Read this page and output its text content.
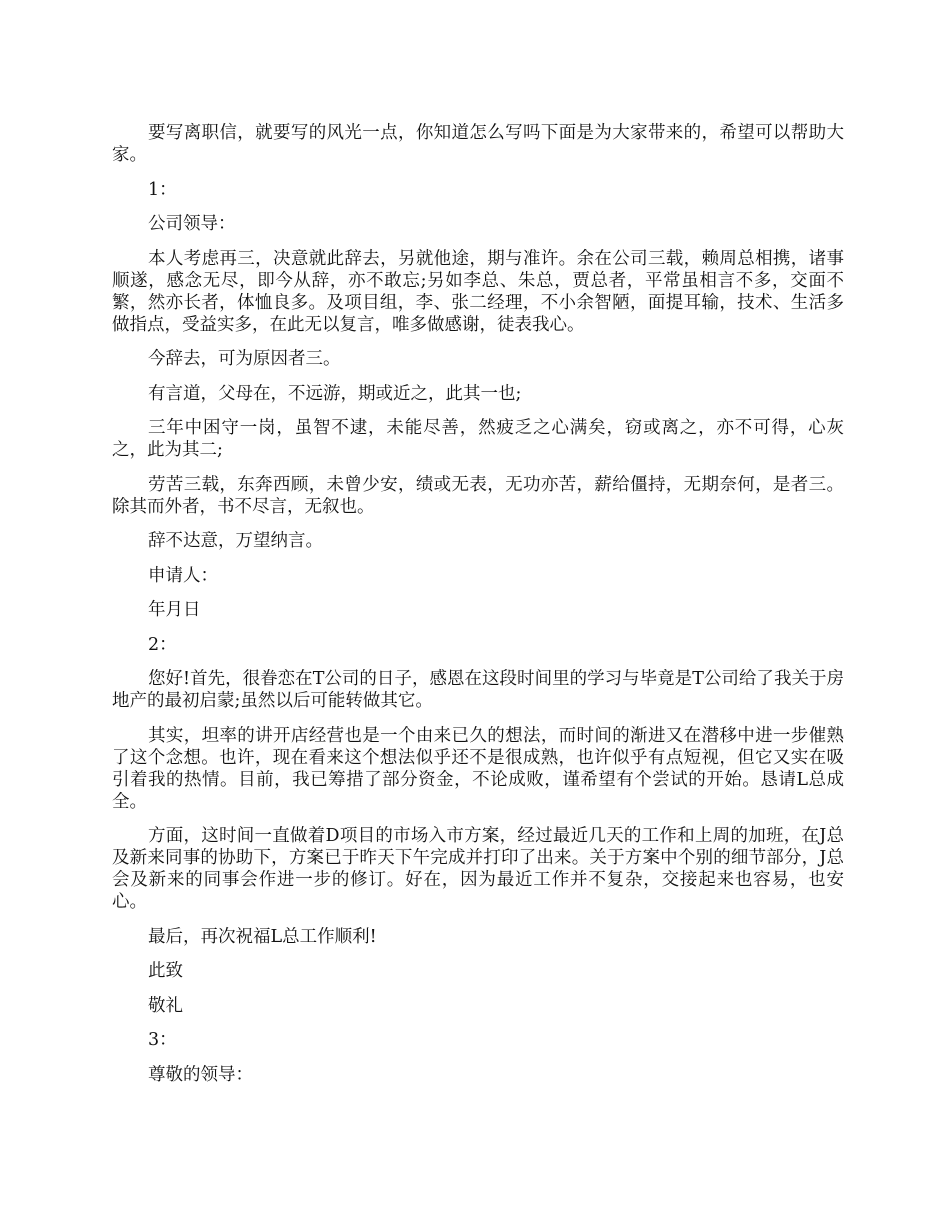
要写离职信，就要写的风光一点，你知道怎么写吗下面是为大家带来的，希望可以帮助大家。

1：

公司领导：

本人考虑再三，决意就此辞去，另就他途，期与准许。余在公司三载，赖周总相携，诸事顺遂，感念无尽，即今从辞，亦不敢忘;另如李总、朱总，贾总者，平常虽相言不多，交面不繁，然亦长者，体恤良多。及项目组，李、张二经理，不小余智陋，面提耳输，技术、生活多做指点，受益实多，在此无以复言，唯多做感谢，徒表我心。

今辞去，可为原因者三。

有言道，父母在，不远游，期或近之，此其一也;

三年中困守一岗，虽智不逮，未能尽善，然疲乏之心满矣，窃或离之，亦不可得，心灰之，此为其二;

劳苦三载，东奔西顾，未曾少安，绩或无表，无功亦苦，薪给僵持，无期奈何，是者三。除其而外者，书不尽言，无叙也。

辞不达意，万望纳言。

申请人：

年月日

2：

您好!首先，很眷恋在T公司的日子，感恩在这段时间里的学习与毕竟是T公司给了我关于房地产的最初启蒙;虽然以后可能转做其它。

其实，坦率的讲开店经营也是一个由来已久的想法，而时间的渐进又在潜移中进一步催熟了这个念想。也许，现在看来这个想法似乎还不是很成熟，也许似乎有点短视，但它又实在吸引着我的热情。目前，我已筹措了部分资金，不论成败，谨希望有个尝试的开始。恳请L总成全。

方面，这时间一直做着D项目的市场入市方案，经过最近几天的工作和上周的加班，在J总及新来同事的协助下，方案已于昨天下午完成并打印了出来。关于方案中个别的细节部分，J总会及新来的同事会作进一步的修订。好在，因为最近工作并不复杂，交接起来也容易，也安心。

最后，再次祝福L总工作顺利!

此致

敬礼

3：

尊敬的领导：
